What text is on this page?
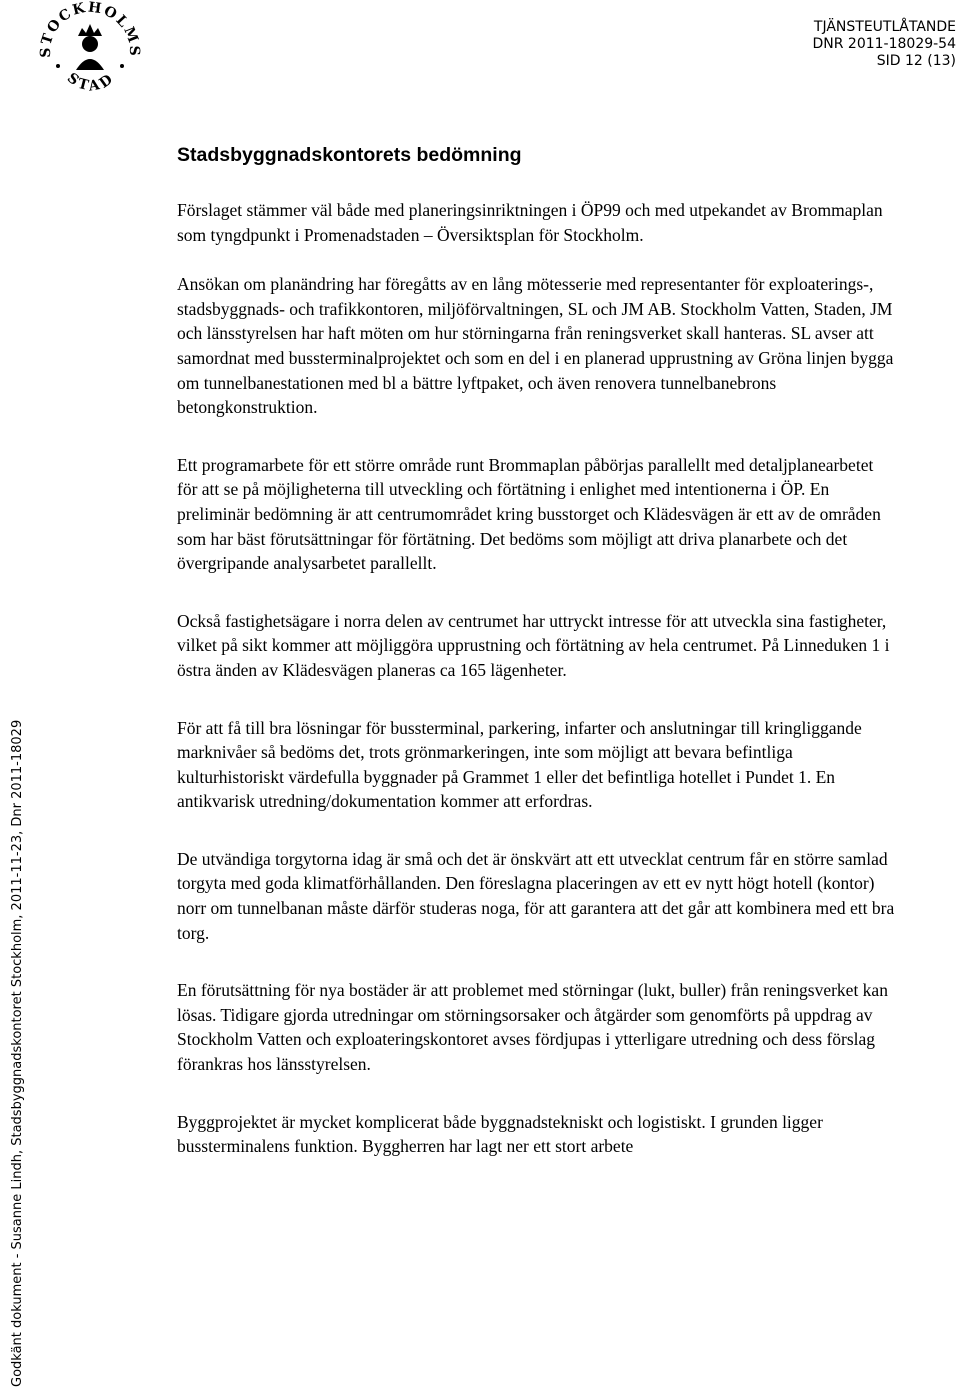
STOCKHOLMS
STAD
TJÄNSTEUTLÅTANDE
DNR 2011-18029-54
SID 12 (13)
Godkänt dokument - Susanne Lindh, Stadsbyggnadskontoret Stockholm, 2011-11-23, Dnr 2011-18029
Stadsbyggnadskontorets bedömning

Förslaget stämmer väl både med planeringsinriktningen i ÖP99 och med utpekandet av Brommaplan som tyngdpunkt i Promenadstaden – Översiktsplan för Stockholm.

Ansökan om planändring har föregåtts av en lång mötesserie med representanter för exploaterings-, stadsbyggnads- och trafikkontoren, miljöförvaltningen, SL och JM AB. Stockholm Vatten, Staden, JM och länsstyrelsen har haft möten om hur störningarna från reningsverket skall hanteras. SL avser att samordnat med bussterminalprojektet och som en del i en planerad upprustning av Gröna linjen bygga om tunnelbanestationen med bl a bättre lyftpaket, och även renovera tunnelbanebrons betongkonstruktion.

Ett programarbete för ett större område runt Brommaplan påbörjas parallellt med detaljplanearbetet för att se på möjligheterna till utveckling och förtätning i enlighet med intentionerna i ÖP. En preliminär bedömning är att centrumområdet kring busstorget och Klädesvägen är ett av de områden som har bäst förutsättningar för förtätning. Det bedöms som möjligt att driva planarbete och det övergripande analysarbetet parallellt.

Också fastighetsägare i norra delen av centrumet har uttryckt intresse för att utveckla sina fastigheter, vilket på sikt kommer att möjliggöra upprustning och förtätning av hela centrumet. På Linneduken 1 i östra änden av Klädesvägen planeras ca 165 lägenheter.

För att få till bra lösningar för bussterminal, parkering, infarter och anslutningar till kringliggande marknivåer så bedöms det, trots grönmarkeringen, inte som möjligt att bevara befintliga kulturhistoriskt värdefulla byggnader på Grammet 1 eller det befintliga hotellet i Pundet 1. En antikvarisk utredning/dokumentation kommer att erfordras.

De utvändiga torgytorna idag är små och det är önskvärt att ett utvecklat centrum får en större samlad torgyta med goda klimatförhållanden. Den föreslagna placeringen av ett ev nytt högt hotell (kontor) norr om tunnelbanan måste därför studeras noga, för att garantera att det går att kombinera med ett bra torg.

En förutsättning för nya bostäder är att problemet med störningar (lukt, buller) från reningsverket kan lösas. Tidigare gjorda utredningar om störningsorsaker och åtgärder som genomförts på uppdrag av Stockholm Vatten och exploateringskontoret avses fördjupas i ytterligare utredning och dess förslag förankras hos länsstyrelsen.

Byggprojektet är mycket komplicerat både byggnadstekniskt och logistiskt. I grunden ligger bussterminalens funktion. Byggherren har lagt ner ett stort arbete
